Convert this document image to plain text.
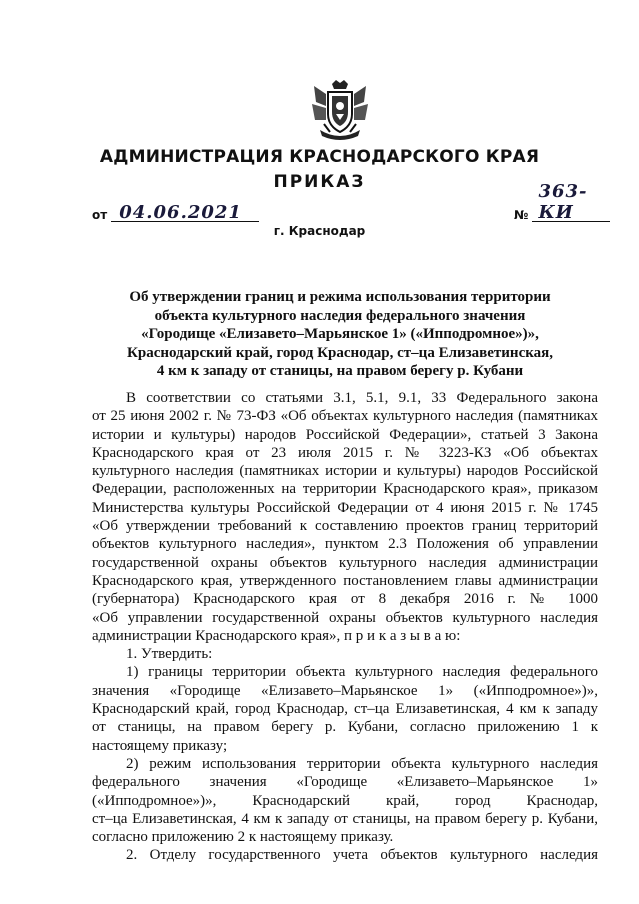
АДМИНИСТРАЦИЯ КРАСНОДАРСКОГО КРАЯ
ПРИКАЗ
от 04.06.2021	№
363-КИ
г. Краснодар
Об утверждении границ и режима использования территории
объекта культурного наследия федерального значения
«Городище «Елизавето–Марьянское 1» («Ипподромное»)»,
Краснодарский край, город Краснодар, ст–ца Елизаветинская,
4 км к западу от станицы, на правом берегу р. Кубани
В соответствии со статьями 3.1, 5.1, 9.1, 33 Федерального закона
от 25 июня 2002 г. № 73-ФЗ «Об объектах культурного наследия (памятниках
истории и культуры) народов Российской Федерации», статьей 3 Закона
Краснодарского края от 23 июля 2015 г. № 3223-КЗ «Об объектах
культурного наследия (памятниках истории и культуры) народов Российской
Федерации, расположенных на территории Краснодарского края», приказом
Министерства культуры Российской Федерации от 4 июня 2015 г. № 1745
«Об утверждении требований к составлению проектов границ территорий
объектов культурного наследия», пунктом 2.3 Положения об управлении
государственной охраны объектов культурного наследия администрации
Краснодарского края, утвержденного постановлением главы администрации
(губернатора) Краснодарского края от 8 декабря 2016 г. № 1000
«Об управлении государственной охраны объектов культурного наследия
администрации Краснодарского края», п р и к а з ы в а ю:
1. Утвердить:
1) границы территории объекта культурного наследия федерального
значения «Городище «Елизавето–Марьянское 1» («Ипподромное»)»,
Краснодарский край, город Краснодар, ст–ца Елизаветинская, 4 км к западу
от станицы, на правом берегу р. Кубани, согласно приложению 1 к
настоящему приказу;
2) режим использования территории объекта культурного наследия
федерального значения «Городище «Елизавето–Марьянское 1»
(«Ипподромное»)», Краснодарский край, город Краснодар,
ст–ца Елизаветинская, 4 км к западу от станицы, на правом берегу р. Кубани,
согласно приложению 2 к настоящему приказу.
2. Отделу государственного учета объектов культурного наследия
